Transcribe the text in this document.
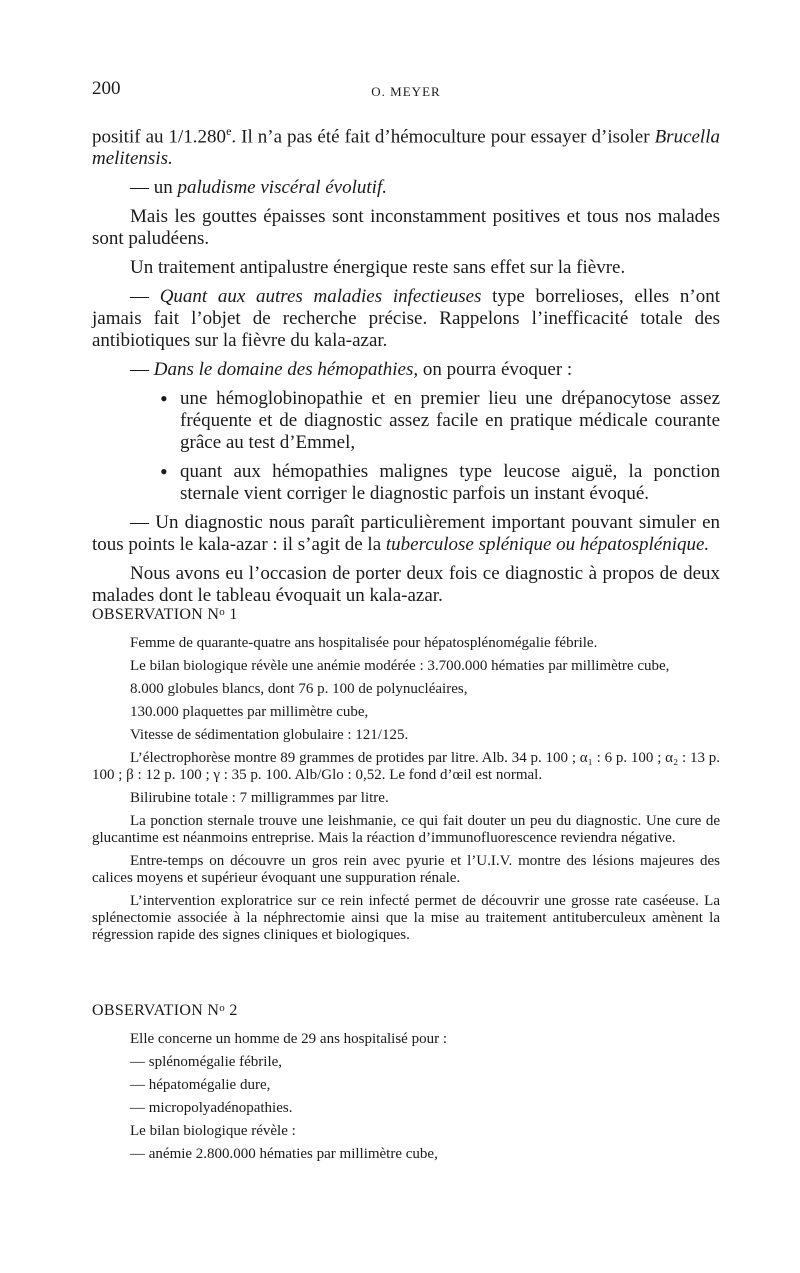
200	O. MEYER

positif au 1/1.280e. Il n’a pas été fait d’hémoculture pour essayer d’isoler Brucella melitensis.

— un paludisme viscéral évolutif.

Mais les gouttes épaisses sont inconstamment positives et tous nos malades sont paludéens.

Un traitement antipalustre énergique reste sans effet sur la fièvre.

— Quant aux autres maladies infectieuses type borrelioses, elles n’ont jamais fait l’objet de recherche précise. Rappelons l’inefficacité totale des antibiotiques sur la fièvre du kala-azar.

— Dans le domaine des hémopathies, on pourra évoquer :

• une hémoglobinopathie et en premier lieu une drépanocytose assez fréquente et de diagnostic assez facile en pratique médicale courante grâce au test d’Emmel,
• quant aux hémopathies malignes type leucose aiguë, la ponction sternale vient corriger le diagnostic parfois un instant évoqué.

— Un diagnostic nous paraît particulièrement important pouvant simuler en tous points le kala-azar : il s’agit de la tuberculose splénique ou hépatosplénique.

Nous avons eu l’occasion de porter deux fois ce diagnostic à propos de deux malades dont le tableau évoquait un kala-azar.

OBSERVATION $N^o$ 1

Femme de quarante-quatre ans hospitalisée pour hépatosplénomégalie fébrile.

Le bilan biologique révèle une anémie modérée : 3.700.000 hématies par millimètre cube,

8.000 globules blancs, dont 76 p. 100 de polynucléaires,

130.000 plaquettes par millimètre cube,

Vitesse de sédimentation globulaire : 121/125.

L’électrophorèse montre 89 grammes de protides par litre. Alb. 34 p. 100 ; α₁ : 6 p. 100 ; α₂ : 13 p. 100 ; β : 12 p. 100 ; γ : 35 p. 100. Alb/Glo : 0,52. Le fond d’œil est normal.

Bilirubine totale : 7 milligrammes par litre.

La ponction sternale trouve une leishmanie, ce qui fait douter un peu du diagnostic. Une cure de glucantime est néanmoins entreprise. Mais la réaction d’immunofluorescence reviendra négative.

Entre-temps on découvre un gros rein avec pyurie et l’U.I.V. montre des lésions majeures des calices moyens et supérieur évoquant une suppuration rénale.

L’intervention exploratrice sur ce rein infecté permet de découvrir une grosse rate caséeuse. La splénectomie associée à la néphrectomie ainsi que la mise au traitement antituberculeux amènent la régression rapide des signes cliniques et biologiques.

OBSERVATION $N^o$ 2

Elle concerne un homme de 29 ans hospitalisé pour :

— splénomégalie fébrile,

— hépatomégalie dure,

— micropolyadénopathies.

Le bilan biologique révèle :

— anémie 2.800.000 hématies par millimètre cube,
